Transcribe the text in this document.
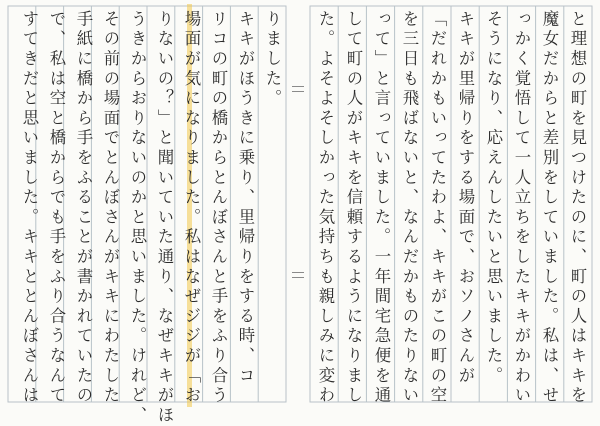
と理想の町を見つけたのに、町の人はキキを
魔女だからと差別をしていました。私は、せ
っかく覚悟して一人立ちをしたキキがかわい
そうになり、応えんしたいと思いました。
キキが里帰りをする場面で、おソノさんが
「だれかもいってたわよ、キキがこの町の空
を三日も飛ばないと、なんだかものたりない
って」と言っていました。一年間宅急便を通
して町の人がキキを信頼するようになりまし
た。よそよそしかった気持ちも親しみに変わ
りました。
キキがほうきに乗り、里帰りをする時、コ
リコの町の橋からとんぼさんと手をふり合う
場面が気になりました。私はなぜジジが「お
りないの？」と聞いていた通り、なぜキキがほ
うきからおりないのかと思いました。けれど、
その前の場面でとんぼさんがキキにわたした
手紙に橋から手をふることが書かれていたの
で、私は空と橋からでも手をふり合うなんて
すてきだと思いました。キキととんぼさんは
